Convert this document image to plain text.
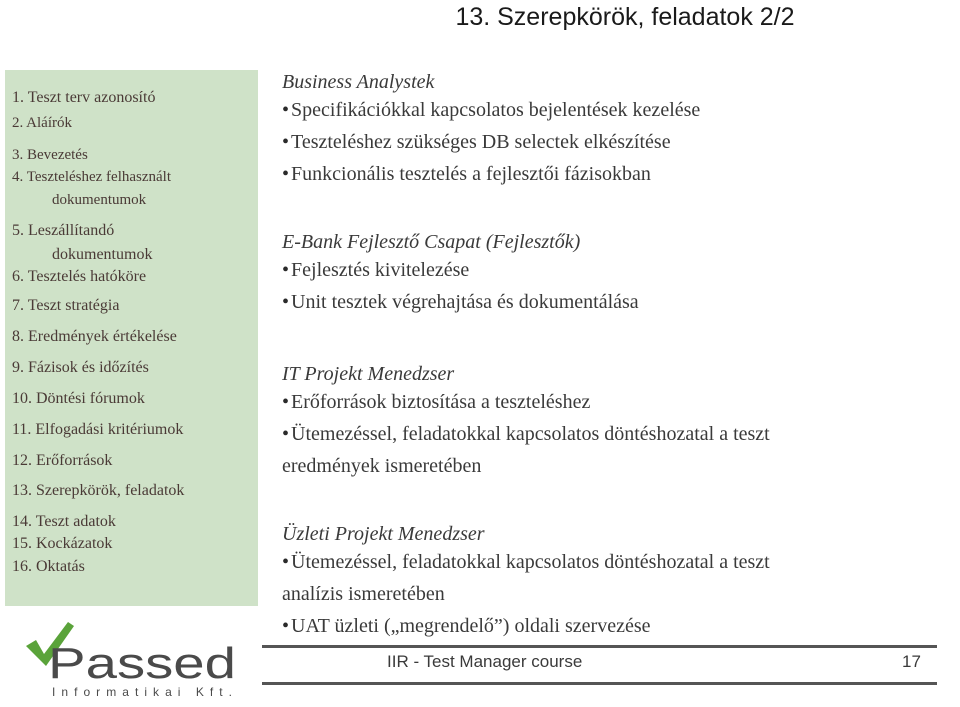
13. Szerepkörök, feladatok 2/2
1. Teszt terv azonosító
2. Aláírók
3. Bevezetés
4. Teszteléshez felhasznált
dokumentumok
5. Leszállítandó
dokumentumok
6. Tesztelés hatóköre
7. Teszt stratégia
8. Eredmények értékelése
9. Fázisok és időzítés
10. Döntési fórumok
11. Elfogadási kritériumok
12. Erőforrások
13. Szerepkörök, feladatok
14. Teszt adatok
15. Kockázatok
16. Oktatás

Business Analystek

• Specifikációkkal kapcsolatos bejelentések kezelése

• Teszteléshez szükséges DB selectek elkészítése

• Funkcionális tesztelés a fejlesztői fázisokban

E-Bank Fejlesztő Csapat (Fejlesztők)

• Fejlesztés kivitelezése

• Unit tesztek végrehajtása és dokumentálása

IT Projekt Menedzser

• Erőforrások biztosítása a teszteléshez

• Ütemezéssel, feladatokkal kapcsolatos döntéshozatal a teszt

eredmények ismeretében

Üzleti Projekt Menedzser

• Ütemezéssel, feladatokkal kapcsolatos döntéshozatal a teszt

analízis ismeretében

• UAT üzleti („megrendelő”) oldali szervezése

IIR - Test Manager course	17
Passed
Informatikai Kft.
